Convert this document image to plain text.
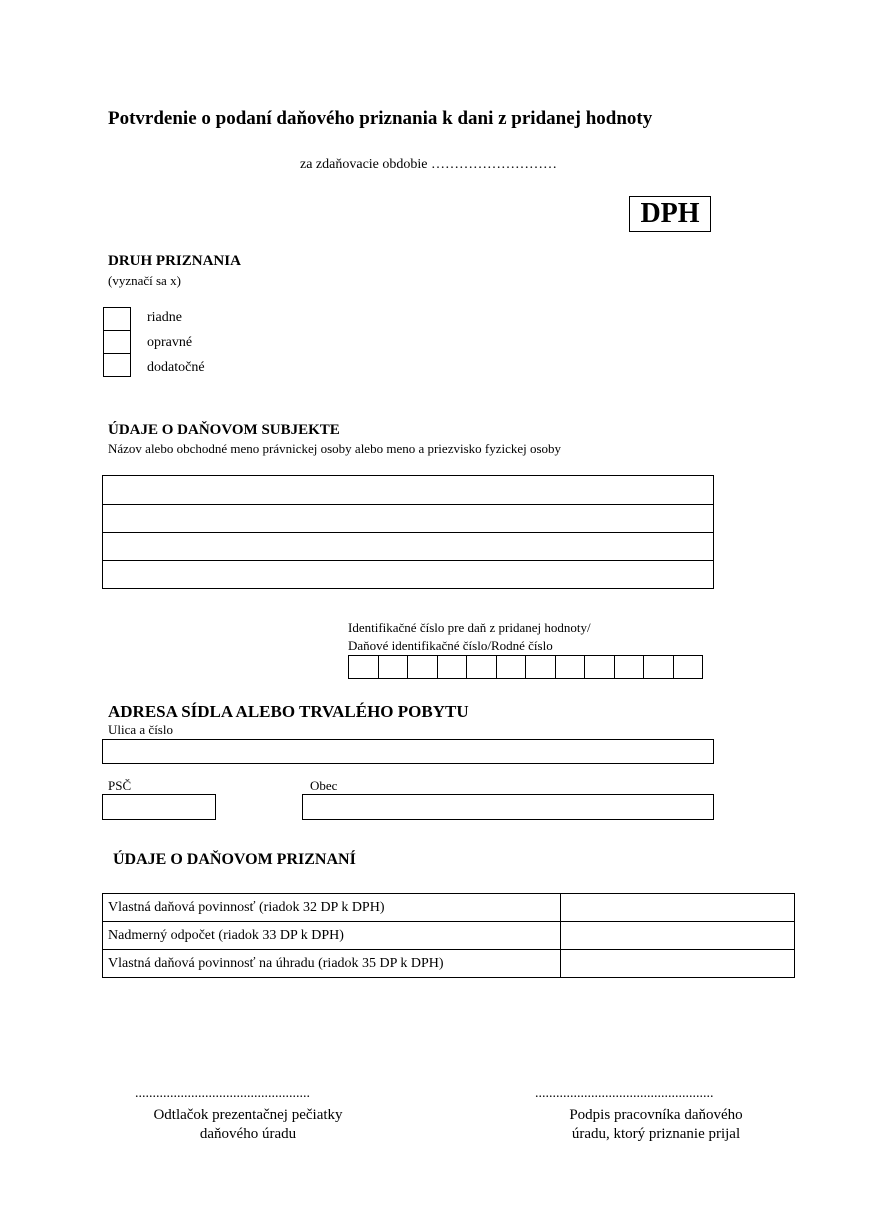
Potvrdenie o podaní daňového priznania k dani z pridanej hodnoty
za zdaňovacie obdobie ………………………
DPH
DRUH PRIZNANIA
(vyznačí sa x)
riadne
opravné
dodatočné
ÚDAJE O DAŇOVOM SUBJEKTE
Názov alebo obchodné meno právnickej osoby alebo meno a priezvisko fyzickej osoby
Identifikačné číslo pre daň z pridanej hodnoty/
Daňové identifikačné číslo/Rodné číslo
ADRESA SÍDLA ALEBO TRVALÉHO POBYTU
Ulica a číslo
PSČ	Obec
ÚDAJE O DAŇOVOM PRIZNANÍ
Vlastná daňová povinnosť (riadok 32 DP k DPH)	
Nadmerný odpočet (riadok 33 DP k DPH)	
Vlastná daňová povinnosť na úhradu (riadok 35 DP k DPH)	
..................................................
Odtlačok prezentačnej pečiatky
daňového úradu
...................................................
Podpis pracovníka daňového
úradu, ktorý priznanie prijal
